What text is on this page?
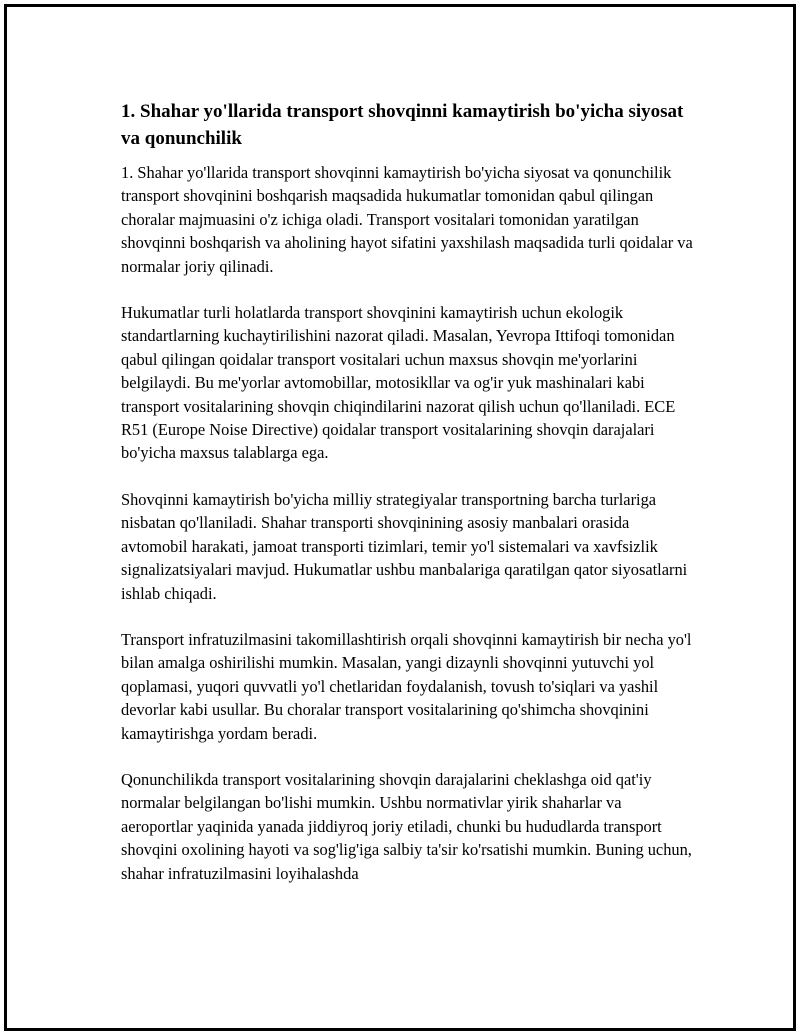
1. Shahar yo'llarida transport shovqinni kamaytirish bo'yicha siyosat va qonunchilik

1. Shahar yo'llarida transport shovqinni kamaytirish bo'yicha siyosat va qonunchilik transport shovqinini boshqarish maqsadida hukumatlar tomonidan qabul qilingan choralar majmuasini o'z ichiga oladi. Transport vositalari tomonidan yaratilgan shovqinni boshqarish va aholining hayot sifatini yaxshilash maqsadida turli qoidalar va normalar joriy qilinadi.

Hukumatlar turli holatlarda transport shovqinini kamaytirish uchun ekologik standartlarning kuchaytirilishini nazorat qiladi. Masalan, Yevropa Ittifoqi tomonidan qabul qilingan qoidalar transport vositalari uchun maxsus shovqin me'yorlarini belgilaydi. Bu me'yorlar avtomobillar, motosikllar va og'ir yuk mashinalari kabi transport vositalarining shovqin chiqindilarini nazorat qilish uchun qo'llaniladi. ECE R51 (Europe Noise Directive) qoidalar transport vositalarining shovqin darajalari bo'yicha maxsus talablarga ega.

Shovqinni kamaytirish bo'yicha milliy strategiyalar transportning barcha turlariga nisbatan qo'llaniladi. Shahar transporti shovqinining asosiy manbalari orasida avtomobil harakati, jamoat transporti tizimlari, temir yo'l sistemalari va xavfsizlik signalizatsiyalari mavjud. Hukumatlar ushbu manbalariga qaratilgan qator siyosatlarni ishlab chiqadi.

Transport infratuzilmasini takomillashtirish orqali shovqinni kamaytirish bir necha yo'l bilan amalga oshirilishi mumkin. Masalan, yangi dizaynli shovqinni yutuvchi yol qoplamasi, yuqori quvvatli yo'l chetlaridan foydalanish, tovush to'siqlari va yashil devorlar kabi usullar. Bu choralar transport vositalarining qo'shimcha shovqinini kamaytirishga yordam beradi.

Qonunchilikda transport vositalarining shovqin darajalarini cheklashga oid qat'iy normalar belgilangan bo'lishi mumkin. Ushbu normativlar yirik shaharlar va aeroportlar yaqinida yanada jiddiyroq joriy etiladi, chunki bu hududlarda transport shovqini oxolining hayoti va sog'lig'iga salbiy ta'sir ko'rsatishi mumkin. Buning uchun, shahar infratuzilmasini loyihalashda
